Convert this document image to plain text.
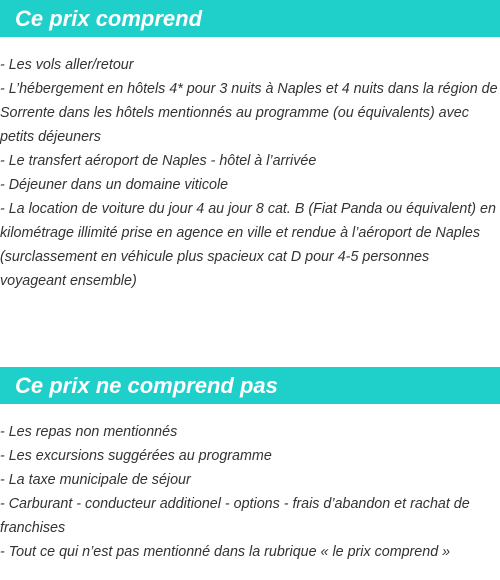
Ce prix comprend
- Les vols aller/retour
- L’hébergement en hôtels 4* pour 3 nuits à Naples et 4 nuits dans la région de Sorrente dans les hôtels mentionnés au programme (ou équivalents) avec petits déjeuners
- Le transfert aéroport de Naples - hôtel à l’arrivée
- Déjeuner dans un domaine viticole
- La location de voiture du jour 4 au jour 8 cat. B (Fiat Panda ou équivalent) en kilométrage illimité prise en agence en ville et rendue à l’aéroport de Naples (surclassement en véhicule plus spacieux cat D pour 4-5 personnes voyageant ensemble)
Ce prix ne comprend pas
- Les repas non mentionnés
- Les excursions suggérées au programme
- La taxe municipale de séjour
- Carburant - conducteur additionel - options - frais d’abandon et rachat de franchises
- Tout ce qui n’est pas mentionné dans la rubrique « le prix comprend »
